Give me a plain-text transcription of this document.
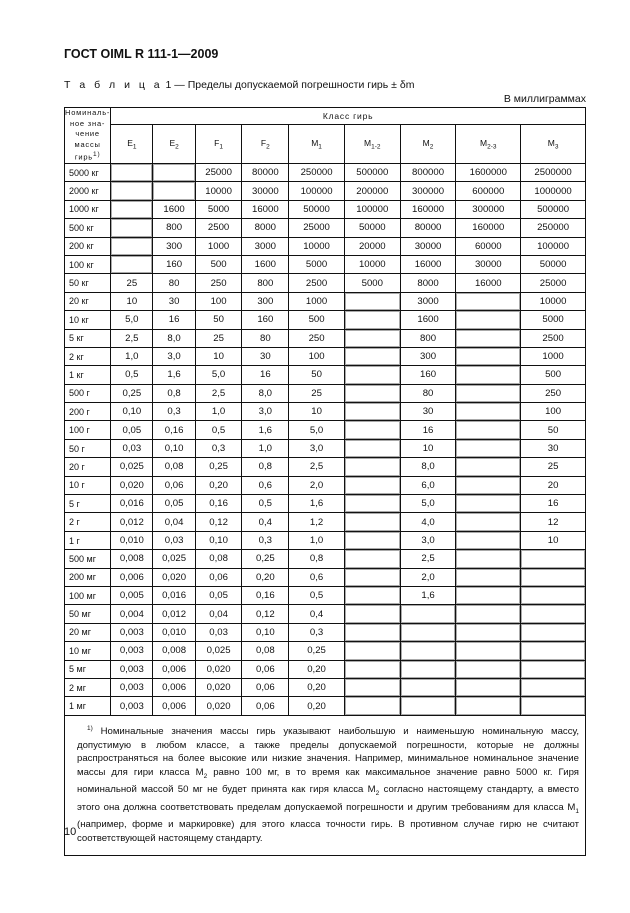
ГОСТ OIML R 111-1—2009
Т а б л и ц а 1 — Пределы допускаемой погрешности гирь ± δm
В миллиграммах
Номиналь-ное зна-чение массы гирь$^{1)}$	Класс гирь								
	$E_1$	$E_2$	$F_1$	$F_2$	$M_1$	$M_{1-2}$	$M_2$	$M_{2-3}$	$M_3$
5000 кг			25000	80000	250000	500000	800000	1600000	2500000
2000 кг			10000	30000	100000	200000	300000	600000	1000000
1000 кг		1600	5000	16000	50000	100000	160000	300000	500000
500 кг		800	2500	8000	25000	50000	80000	160000	250000
200 кг		300	1000	3000	10000	20000	30000	60000	100000
100 кг		160	500	1600	5000	10000	16000	30000	50000
50 кг	25	80	250	800	2500	5000	8000	16000	25000
20 кг	10	30	100	300	1000		3000		10000
10 кг	5,0	16	50	160	500		1600		5000
5 кг	2,5	8,0	25	80	250		800		2500
2 кг	1,0	3,0	10	30	100		300		1000
1 кг	0,5	1,6	5,0	16	50		160		500
500 г	0,25	0,8	2,5	8,0	25		80		250
200 г	0,10	0,3	1,0	3,0	10		30		100
100 г	0,05	0,16	0,5	1,6	5,0		16		50
50 г	0,03	0,10	0,3	1,0	3,0		10		30
20 г	0,025	0,08	0,25	0,8	2,5		8,0		25
10 г	0,020	0,06	0,20	0,6	2,0		6,0		20
5 г	0,016	0,05	0,16	0,5	1,6		5,0		16
2 г	0,012	0,04	0,12	0,4	1,2		4,0		12
1 г	0,010	0,03	0,10	0,3	1,0		3,0		10
500 мг	0,008	0,025	0,08	0,25	0,8		2,5		
200 мг	0,006	0,020	0,06	0,20	0,6		2,0		
100 мг	0,005	0,016	0,05	0,16	0,5		1,6		
50 мг	0,004	0,012	0,04	0,12	0,4				
20 мг	0,003	0,010	0,03	0,10	0,3				
10 мг	0,003	0,008	0,025	0,08	0,25				
5 мг	0,003	0,006	0,020	0,06	0,20				
2 мг	0,003	0,006	0,020	0,06	0,20				
1 мг	0,003	0,006	0,020	0,06	0,20				
$^{1)}$ Номинальные значения массы гирь указывают наибольшую и наименьшую номинальную массу, допустимую в любом классе, а также пределы допускаемой погрешности, которые не должны распространяться на более высокие или низкие значения. Например, минимальное номинальное значение массы для гири класса $M_2$ равно 100 мг, в то время как максимальное значение равно 5000 кг. Гиря номинальной массой 50 мг не будет принята как гиря класса $M_2$ согласно настоящему стандарту, а вместо этого она должна соответствовать пределам допускаемой погрешности и другим требованиям для класса $M_1$ (например, форме и маркировке) для этого класса точности гирь. В противном случае гирю не считают соответствующей настоящему стандарту.									
10
